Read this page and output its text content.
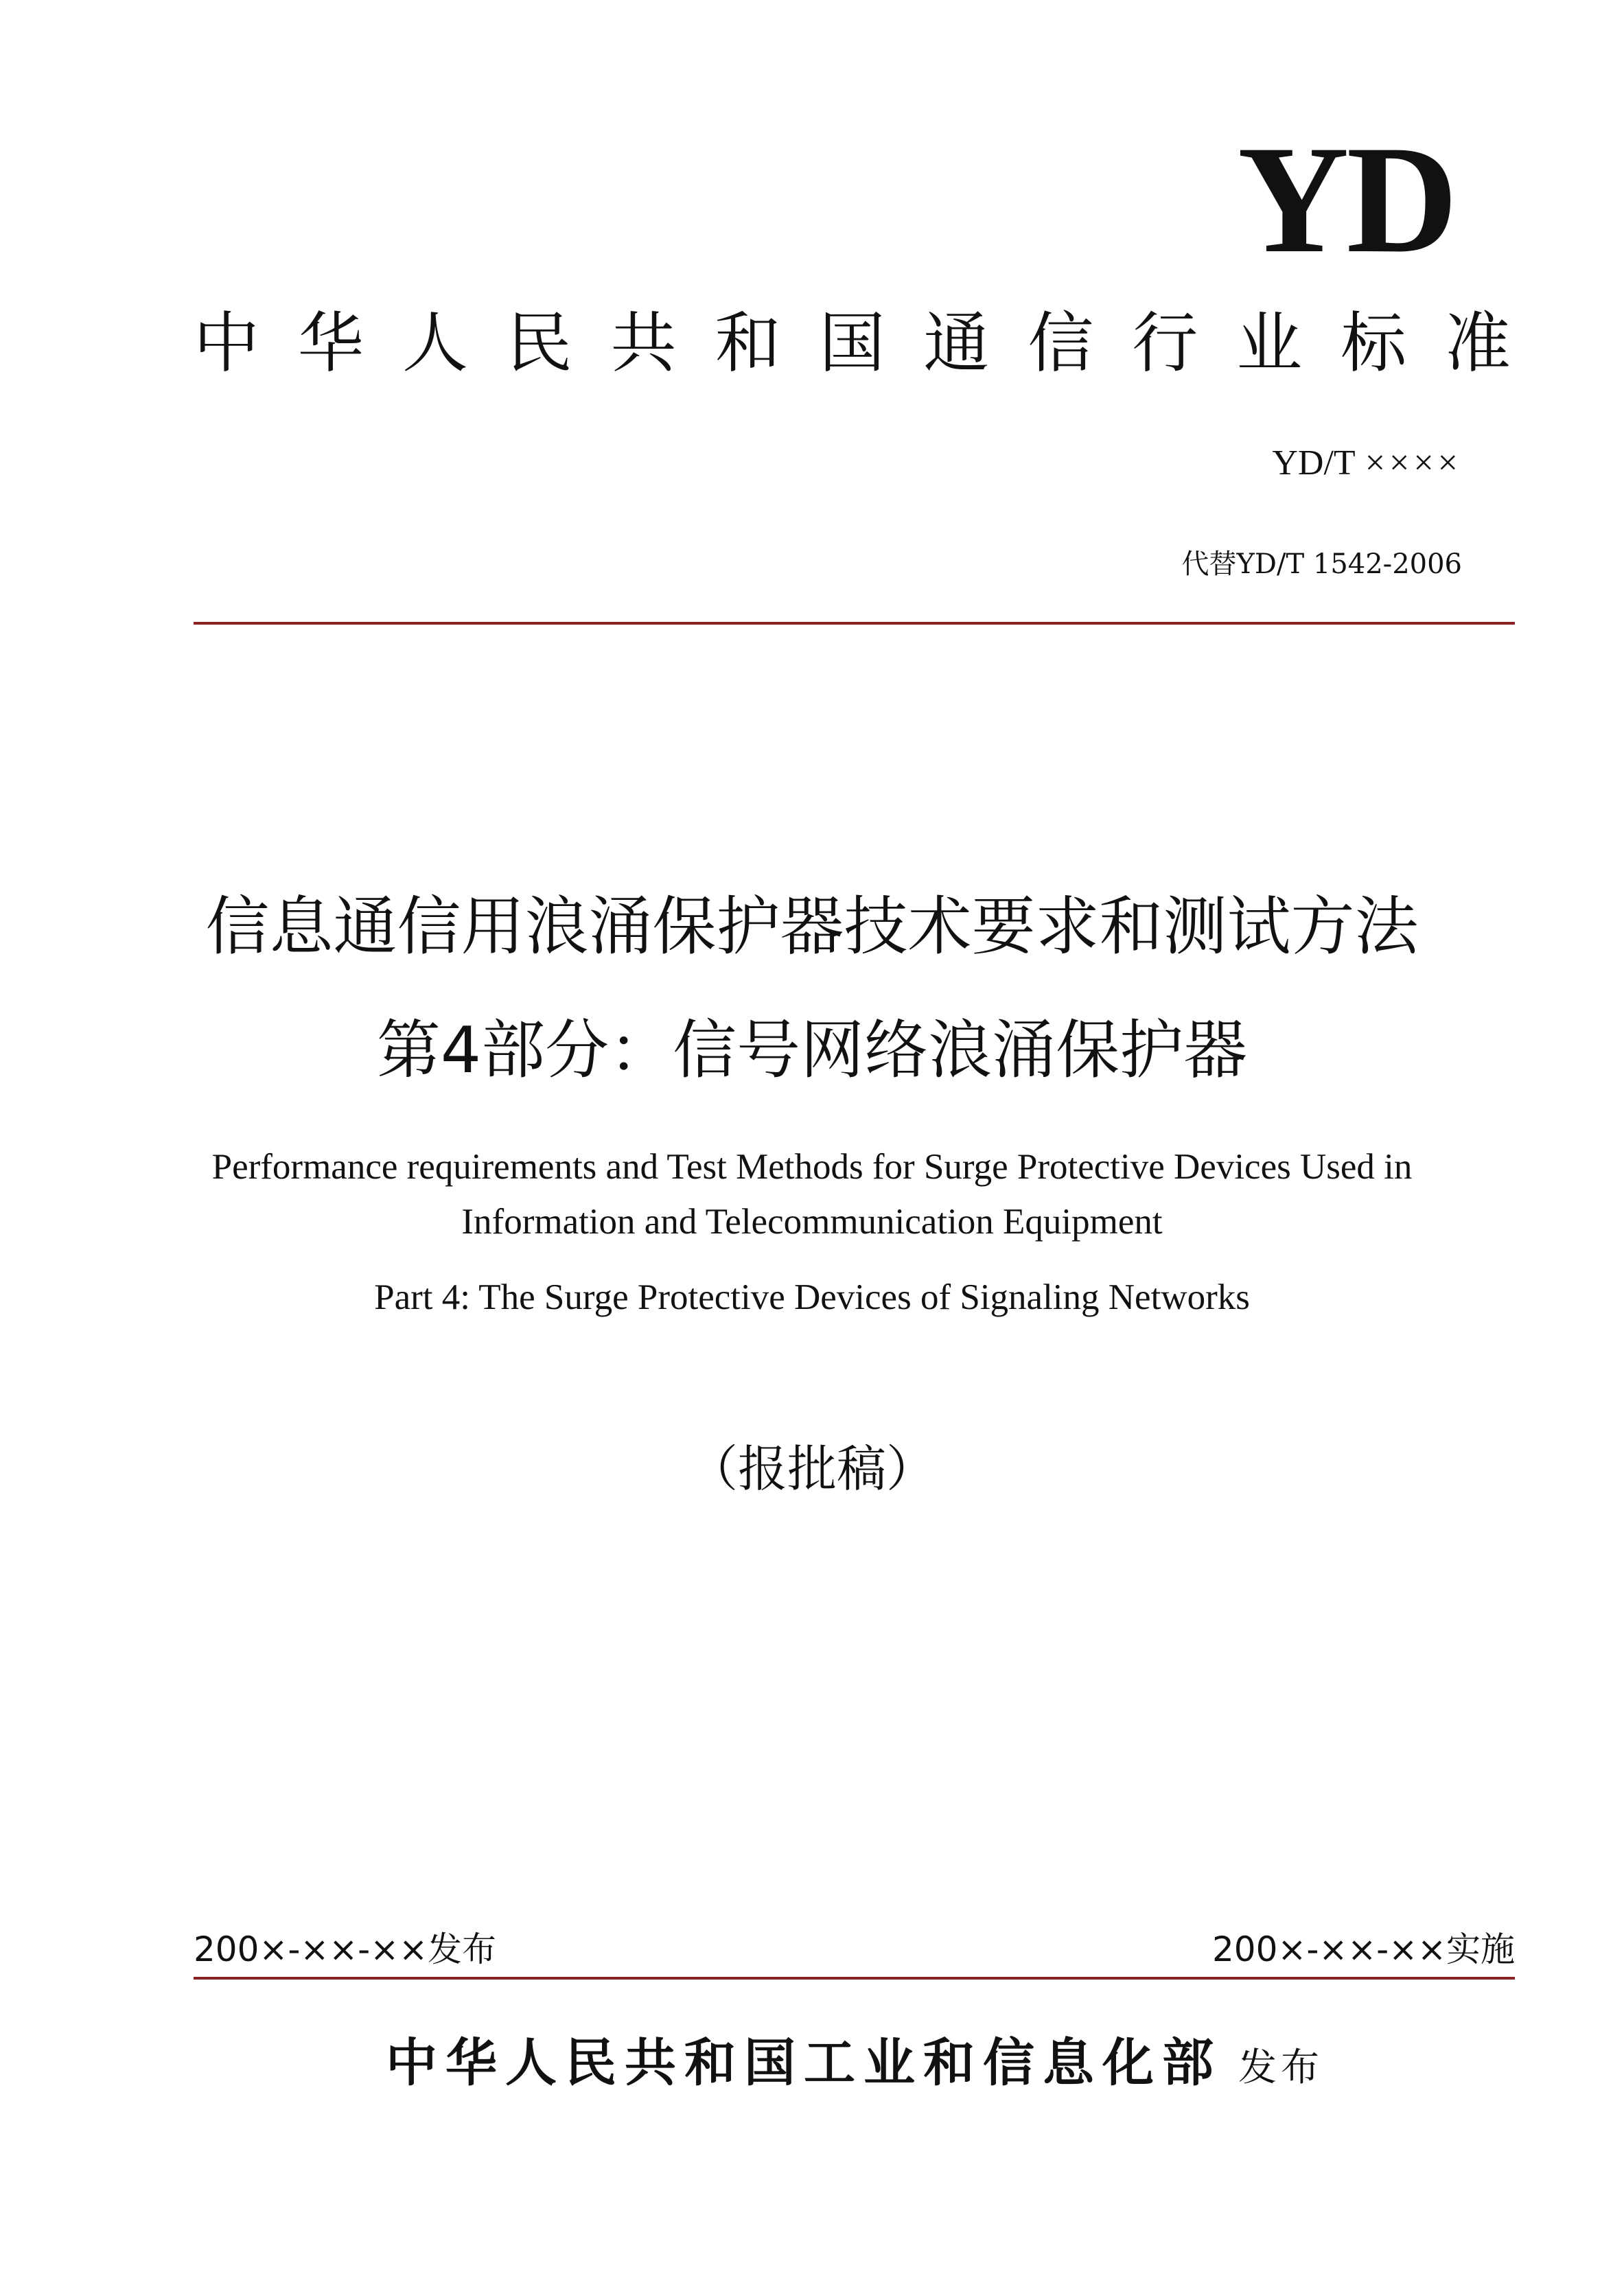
YD
中华人民共和国通信行业标准
YD/T ××××
代替YD/T 1542-2006
信息通信用浪涌保护器技术要求和测试方法
第4部分：信号网络浪涌保护器
Performance requirements and Test Methods for Surge Protective Devices Used in
Information and Telecommunication Equipment
Part 4: The Surge Protective Devices of Signaling Networks
（报批稿）
200×-××-××发布	200×-××-××实施
中华人民共和国工业和信息化部 发布
